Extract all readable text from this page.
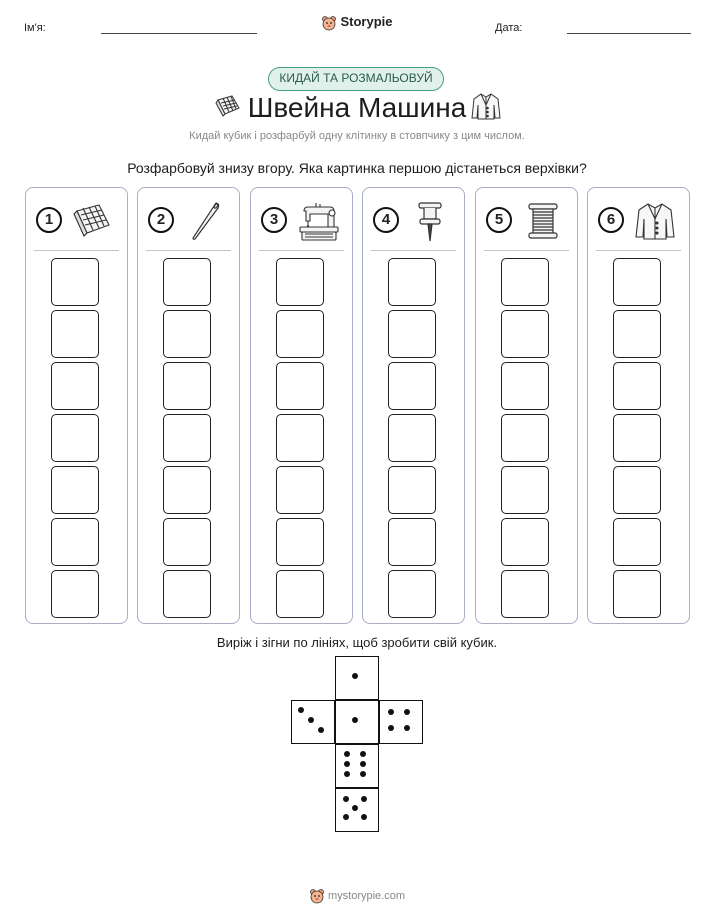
Ім'я:	Storypie	Дата:
КИДАЙ ТА РОЗМАЛЬОВУЙ
Швейна Машина
Кидай кубик і розфарбуй одну клітинку в стовпчику з цим числом.
Розфарбовуй знизу вгору. Яка картинка першою дістанеться верхівки?
1	2	3	4	5	6
Виріж і зігни по лініях, щоб зробити свій кубик.
mystorypie.com
